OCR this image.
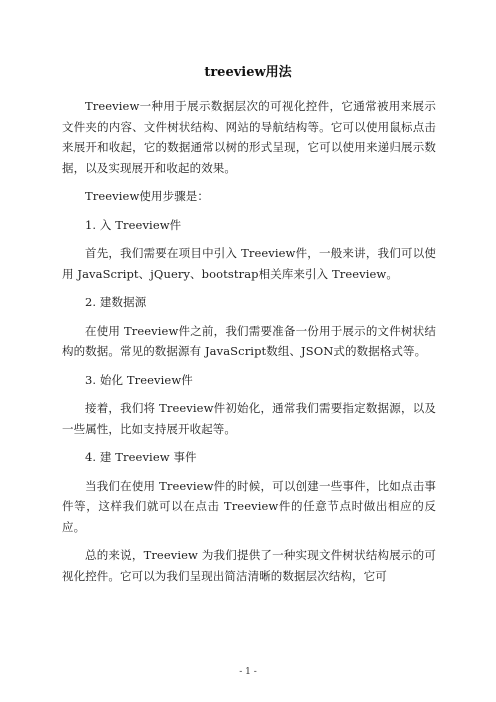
treeview用法

Treeview一种用于展示数据层次的可视化控件，它通常被用来展示文件夹的内容、文件树状结构、网站的导航结构等。它可以使用鼠标点击来展开和收起，它的数据通常以树的形式呈现，它可以使用来递归展示数据，以及实现展开和收起的效果。

Treeview使用步骤是：

1. 入 Treeview件

首先，我们需要在项目中引入 Treeview件，一般来讲，我们可以使用 JavaScript、jQuery、bootstrap相关库来引入 Treeview。

2. 建数据源

在使用 Treeview件之前，我们需要准备一份用于展示的文件树状结构的数据。常见的数据源有 JavaScript数组、JSON式的数据格式等。

3. 始化 Treeview件

接着，我们将 Treeview件初始化，通常我们需要指定数据源，以及一些属性，比如支持展开收起等。

4. 建 Treeview 事件

当我们在使用 Treeview件的时候，可以创建一些事件，比如点击事件等，这样我们就可以在点击 Treeview件的任意节点时做出相应的反应。

总的来说，Treeview 为我们提供了一种实现文件树状结构展示的可视化控件。它可以为我们呈现出简洁清晰的数据层次结构，它可

- 1 -
